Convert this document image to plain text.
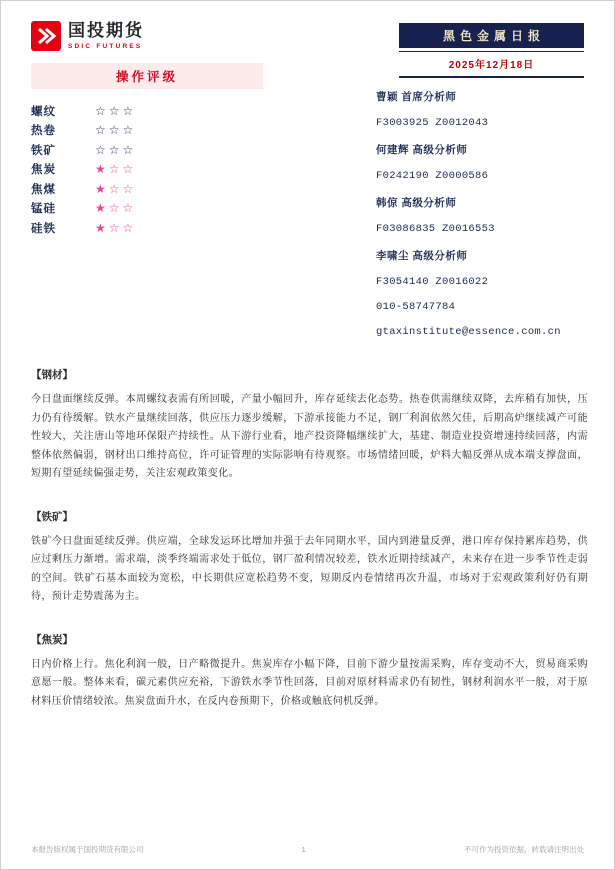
国投期货
SDIC FUTURES
黑色金属日报
2025年12月18日
操作评级
螺纹	☆☆☆
热卷	☆☆☆
铁矿	☆☆☆
焦炭	★☆☆
焦煤	★☆☆
锰硅	★☆☆
硅铁	★☆☆
曹颖 首席分析师
F3003925 Z0012043
何建辉 高级分析师
F0242190 Z0000586
韩倞 高级分析师
F03086835 Z0016553
李啸尘 高级分析师
F3054140 Z0016022
010-58747784
gtaxinstitute@essence.com.cn
【钢材】
今日盘面继续反弹。本周螺纹表需有所回暖，产量小幅回升，库存延续去化态势。热卷供需继续双降，去库稍有加快，压力仍有待缓解。铁水产量继续回落，供应压力逐步缓解，下游承接能力不足，钢厂利润依然欠佳，后期高炉继续减产可能性较大，关注唐山等地环保限产持续性。从下游行业看，地产投资降幅继续扩大，基建、制造业投资增速持续回落，内需整体依然偏弱，钢材出口维持高位，许可证管理的实际影响有待观察。市场情绪回暖，炉料大幅反弹从成本端支撑盘面，短期有望延续偏强走势，关注宏观政策变化。
【铁矿】
铁矿今日盘面延续反弹。供应端，全球发运环比增加并强于去年同期水平，国内到港量反弹，港口库存保持累库趋势，供应过剩压力渐增。需求端，淡季终端需求处于低位，钢厂盈利情况较差，铁水近期持续减产，未来存在进一步季节性走弱的空间。铁矿石基本面较为宽松，中长期供应宽松趋势不变，短期反内卷情绪再次升温，市场对于宏观政策利好仍有期待，预计走势震荡为主。
【焦炭】
日内价格上行。焦化利润一般，日产略微提升。焦炭库存小幅下降，目前下游少量按需采购，库存变动不大，贸易商采购意愿一般。整体来看，碳元素供应充裕，下游铁水季节性回落，目前对原材料需求仍有韧性，钢材利润水平一般，对于原材料压价情绪较浓。焦炭盘面升水，在反内卷预期下，价格或触底伺机反弹。
本报告版权属于国投期货有限公司	1	不可作为投资依据，转载请注明出处
